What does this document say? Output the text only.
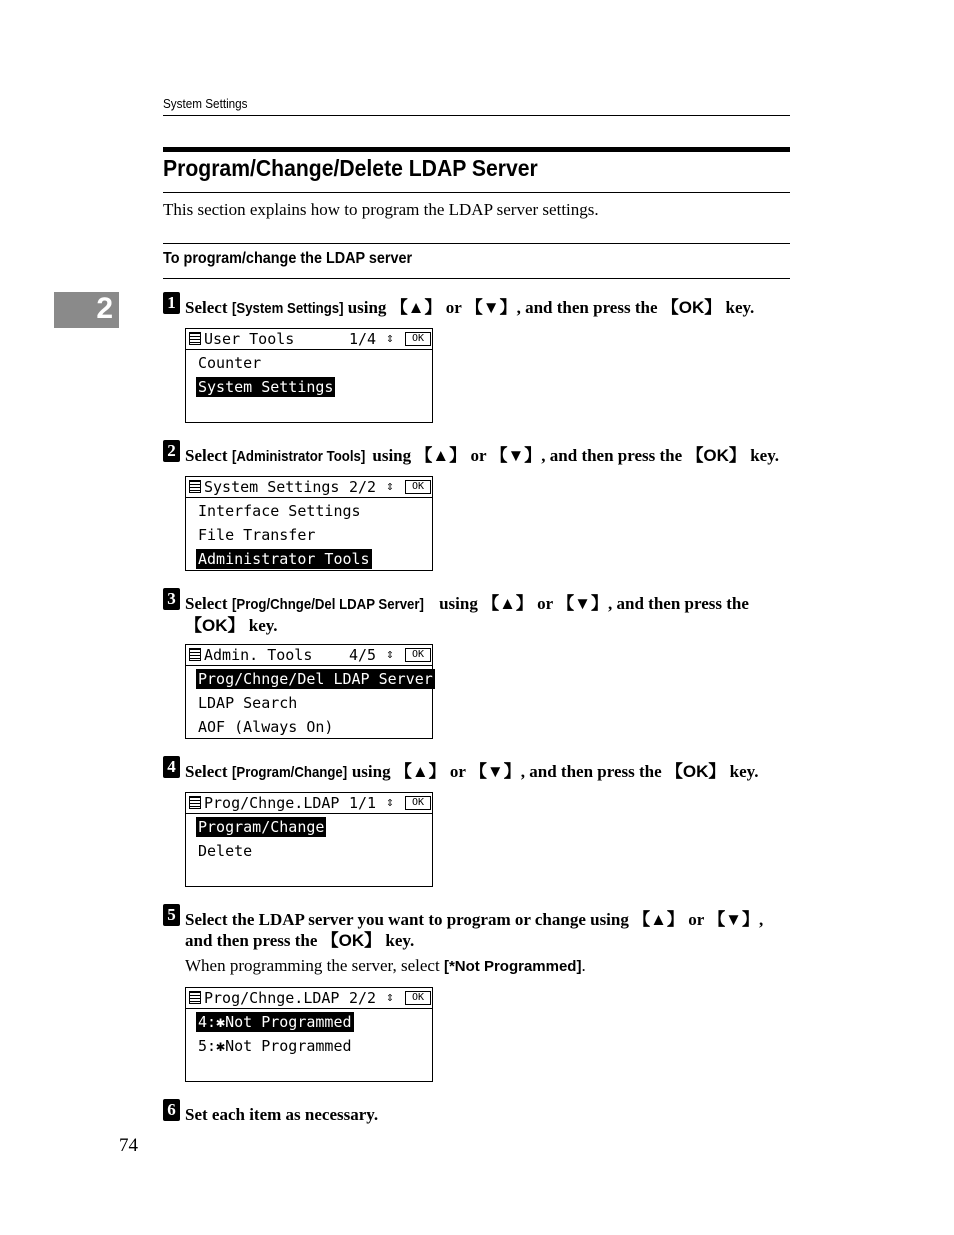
System Settings
2
Program/Change/Delete LDAP Server
This section explains how to program the LDAP server settings.
To program/change the LDAP server
1 Select [System Settings] using 【▲】 or 【▼】, and then press the 【OK】 key.
User Tools	1/4 ⇕	OK
Counter
System Settings
2 Select [Administrator Tools] using 【▲】 or 【▼】, and then press the 【OK】 key.
System Settings 2/2 ⇕	OK
Interface Settings
File Transfer
Administrator Tools
3 Select [Prog/Chnge/Del LDAP Server] using 【▲】 or 【▼】, and then press the 【OK】 key.
Admin. Tools 4/5 ⇕	OK
Prog/Chnge/Del LDAP Server
LDAP Search
AOF (Always On)
4 Select [Program/Change] using 【▲】 or 【▼】, and then press the 【OK】 key.
Prog/Chnge.LDAP 1/1 ⇕	OK
Program/Change
Delete
5 Select the LDAP server you want to program or change using 【▲】 or 【▼】,
and then press the 【OK】 key.
When programming the server, select [*Not Programmed].
Prog/Chnge.LDAP 2/2 ⇕	OK
4:✱Not Programmed
5:✱Not Programmed
6 Set each item as necessary.
74
